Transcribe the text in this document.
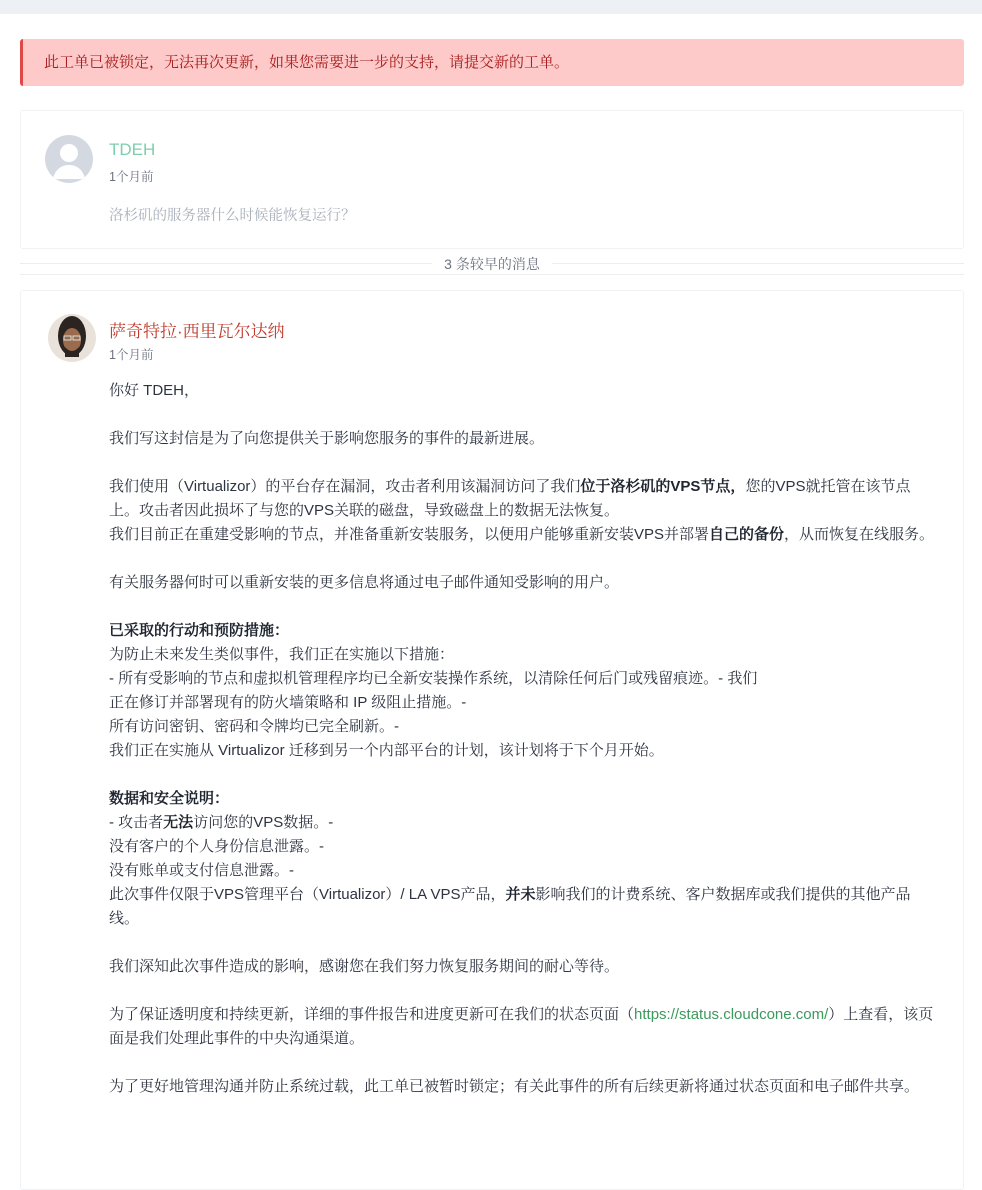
此工单已被锁定，无法再次更新，如果您需要进一步的支持，请提交新的工单。
TDEH
1个月前
洛杉矶的服务器什么时候能恢复运行？
3 条较早的消息
萨奇特拉·西里瓦尔达纳
1个月前

你好 TDEH，

我们写这封信是为了向您提供关于影响您服务的事件的最新进展。

我们使用（Virtualizor）的平台存在漏洞，攻击者利用该漏洞访问了我们位于洛杉矶的VPS节点，您的VPS就托管在该节点上。攻击者因此损坏了与您的VPS关联的磁盘，导致磁盘上的数据无法恢复。
我们目前正在重建受影响的节点，并准备重新安装服务，以便用户能够重新安装VPS并部署自己的备份，从而恢复在线服务。

有关服务器何时可以重新安装的更多信息将通过电子邮件通知受影响的用户。

已采取的行动和预防措施：
为防止未来发生类似事件，我们正在实施以下措施：
- 所有受影响的节点和虚拟机管理程序均已全新安装操作系统，以清除任何后门或残留痕迹。- 我们
正在修订并部署现有的防火墙策略和 IP 级阻止措施。-
所有访问密钥、密码和令牌均已完全刷新。-
我们正在实施从 Virtualizor 迁移到另一个内部平台的计划，该计划将于下个月开始。

数据和安全说明：
- 攻击者无法访问您的VPS数据。-
没有客户的个人身份信息泄露。-
没有账单或支付信息泄露。-
此次事件仅限于VPS管理平台（Virtualizor）/ LA VPS产品，并未影响我们的计费系统、客户数据库或我们提供的其他产品线。

我们深知此次事件造成的影响，感谢您在我们努力恢复服务期间的耐心等待。

为了保证透明度和持续更新，详细的事件报告和进度更新可在我们的状态页面（https://status.cloudcone.com/）上查看，该页面是我们处理此事件的中央沟通渠道。

为了更好地管理沟通并防止系统过载，此工单已被暂时锁定；有关此事件的所有后续更新将通过状态页面和电子邮件共享。
